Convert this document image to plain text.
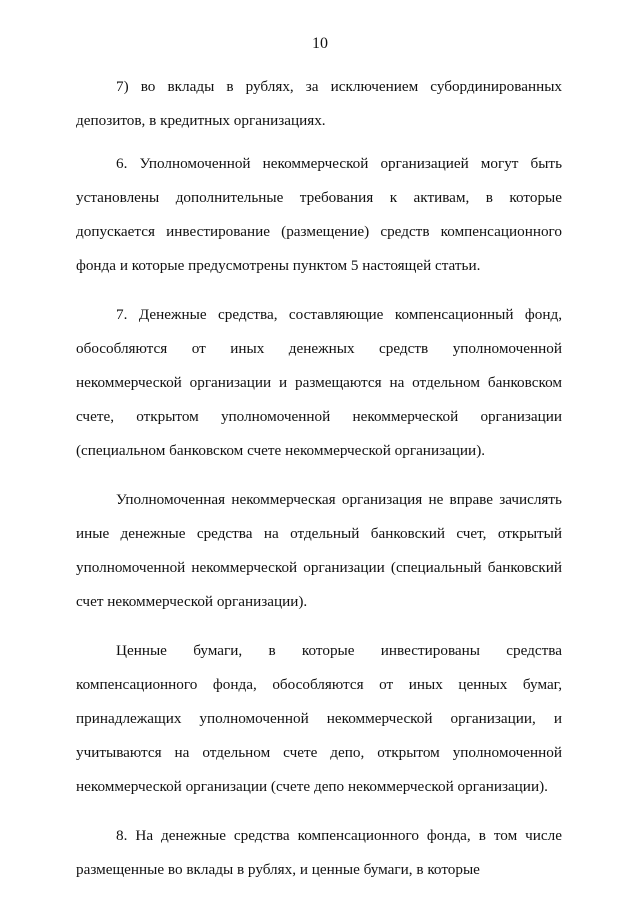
10

7) во вклады в рублях, за исключением субординированных депозитов, в кредитных организациях.

6. Уполномоченной некоммерческой организацией могут быть установлены дополнительные требования к активам, в которые допускается инвестирование (размещение) средств компенсационного фонда и которые предусмотрены пунктом 5 настоящей статьи.

7. Денежные средства, составляющие компенсационный фонд, обособляются от иных денежных средств уполномоченной некоммерческой организации и размещаются на отдельном банковском счете, открытом уполномоченной некоммерческой организации (специальном банковском счете некоммерческой организации).

Уполномоченная некоммерческая организация не вправе зачислять иные денежные средства на отдельный банковский счет, открытый уполномоченной некоммерческой организации (специальный банковский счет некоммерческой организации).

Ценные бумаги, в которые инвестированы средства компенсационного фонда, обособляются от иных ценных бумаг, принадлежащих уполномоченной некоммерческой организации, и учитываются на отдельном счете депо, открытом уполномоченной некоммерческой организации (счете депо некоммерческой организации).

8. На денежные средства компенсационного фонда, в том числе размещенные во вклады в рублях, и ценные бумаги, в которые
